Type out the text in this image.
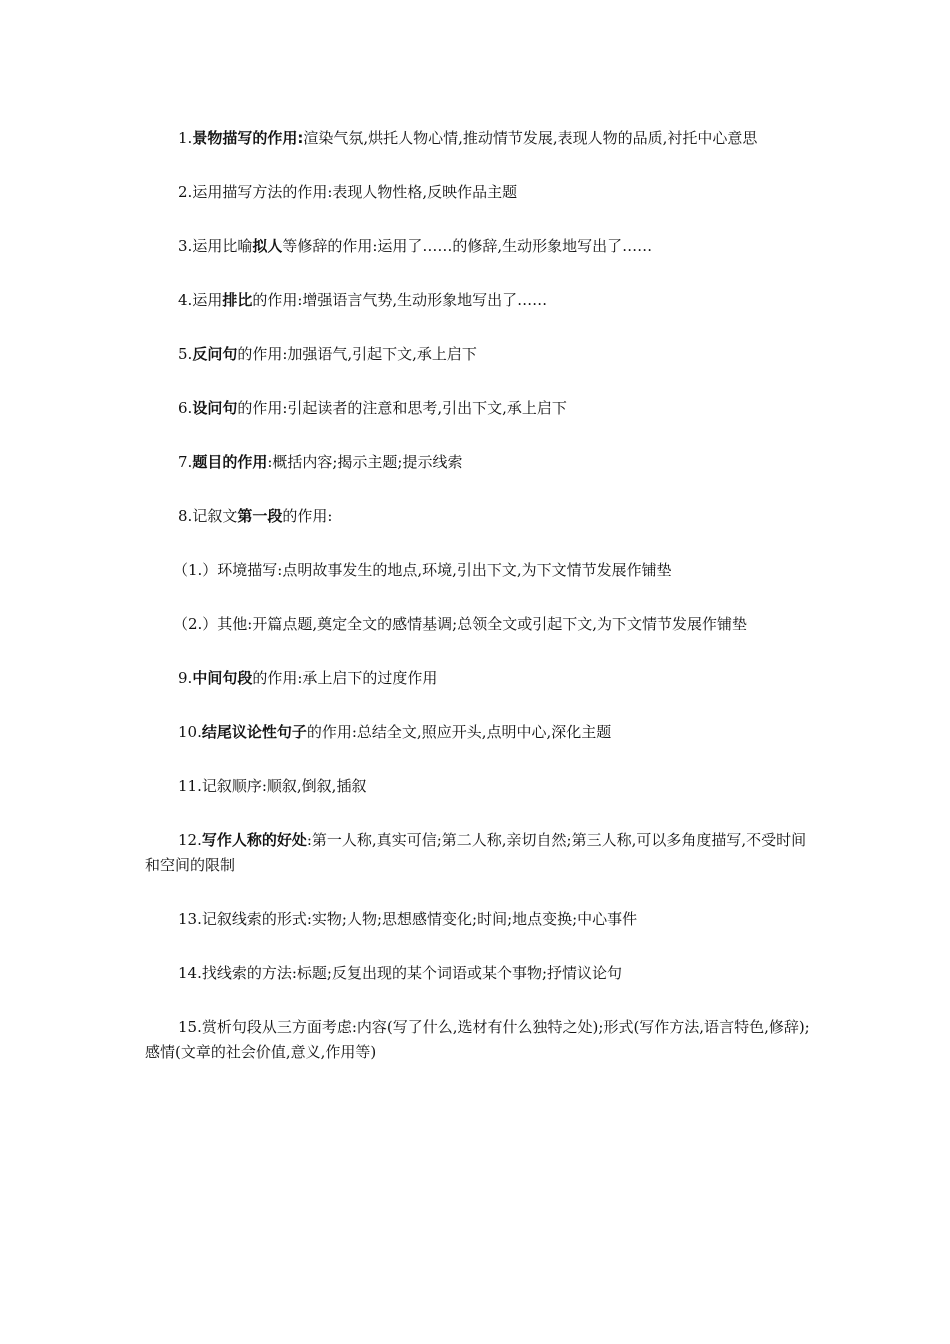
1.景物描写的作用:渲染气氛,烘托人物心情,推动情节发展,表现人物的品质,衬托中心意思

2.运用描写方法的作用:表现人物性格,反映作品主题

3.运用比喻拟人等修辞的作用:运用了……的修辞,生动形象地写出了……

4.运用排比的作用:增强语言气势,生动形象地写出了……

5.反问句的作用:加强语气,引起下文,承上启下

6.设问句的作用:引起读者的注意和思考,引出下文,承上启下

7.题目的作用:概括内容;揭示主题;提示线索

8.记叙文第一段的作用:

（1.）环境描写:点明故事发生的地点,环境,引出下文,为下文情节发展作铺垫

（2.）其他:开篇点题,奠定全文的感情基调;总领全文或引起下文,为下文情节发展作铺垫

9.中间句段的作用:承上启下的过度作用

10.结尾议论性句子的作用:总结全文,照应开头,点明中心,深化主题

11.记叙顺序:顺叙,倒叙,插叙

12.写作人称的好处:第一人称,真实可信;第二人称,亲切自然;第三人称,可以多角度描写,不受时间和空间的限制

13.记叙线索的形式:实物;人物;思想感情变化;时间;地点变换;中心事件

14.找线索的方法:标题;反复出现的某个词语或某个事物;抒情议论句

15.赏析句段从三方面考虑:内容(写了什么,选材有什么独特之处);形式(写作方法,语言特色,修辞);感情(文章的社会价值,意义,作用等)
